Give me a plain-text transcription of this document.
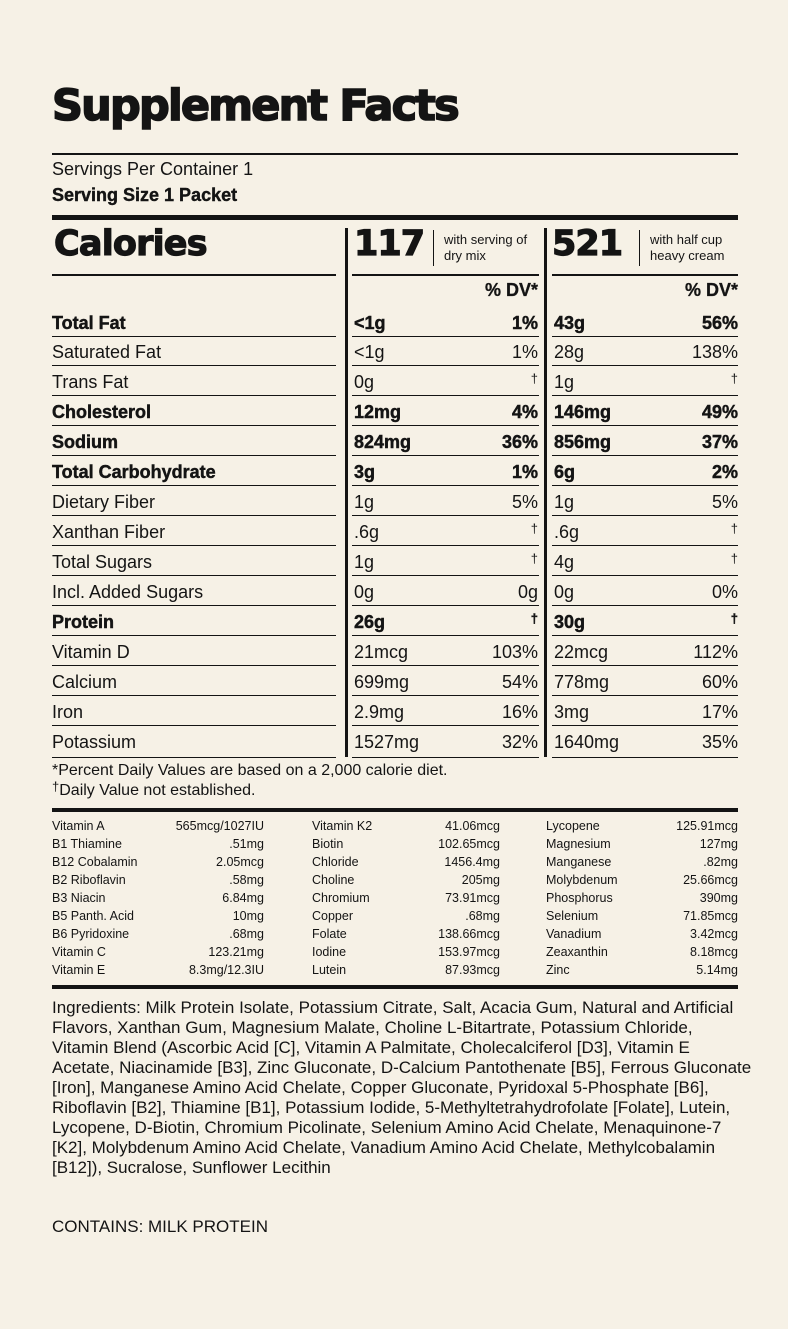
Supplement Facts
Servings Per Container 1
Serving Size 1 Packet
Calories	117 with serving of dry mix	521 with half cup heavy cream
% DV*	% DV*
Total Fat	<1g	1% 43g	56%
Saturated Fat	<1g	1% 28g	138%
Trans Fat	0g	† 1g	†
Cholesterol	12mg	4% 146mg	49%
Sodium	824mg	36% 856mg	37%
Total Carbohydrate	3g	1% 6g	2%
Dietary Fiber	1g	5% 1g	5%
Xanthan Fiber	.6g	† .6g	†
Total Sugars	1g	† 4g	†
Incl. Added Sugars	0g	0g 0g	0%
Protein	26g	† 30g	†
Vitamin D	21mcg	103% 22mcg	112%
Calcium	699mg	54% 778mg	60%
Iron	2.9mg	16% 3mg	17%
Potassium	1527mg	32% 1640mg	35%
*Percent Daily Values are based on a 2,000 calorie diet.
†Daily Value not established.
Vitamin A	565mcg/1027IU
B1 Thiamine	.51mg
B12 Cobalamin	2.05mcg
B2 Riboflavin	.58mg
B3 Niacin	6.84mg
B5 Panth. Acid	10mg
B6 Pyridoxine	.68mg
Vitamin C	123.21mg
Vitamin E	8.3mg/12.3IU
Vitamin K2	41.06mcg
Biotin	102.65mcg
Chloride	1456.4mg
Choline	205mg
Chromium	73.91mcg
Copper	.68mg
Folate	138.66mcg
Iodine	153.97mcg
Lutein	87.93mcg
Lycopene	125.91mcg
Magnesium	127mg
Manganese	.82mg
Molybdenum	25.66mcg
Phosphorus	390mg
Selenium	71.85mcg
Vanadium	3.42mcg
Zeaxanthin	8.18mcg
Zinc	5.14mg
Ingredients: Milk Protein Isolate, Potassium Citrate, Salt, Acacia Gum, Natural and Artificial Flavors, Xanthan Gum, Magnesium Malate, Choline L-Bitartrate, Potassium Chloride, Vitamin Blend (Ascorbic Acid [C], Vitamin A Palmitate, Cholecalciferol [D3], Vitamin E Acetate, Niacinamide [B3], Zinc Gluconate, D-Calcium Pantothenate [B5], Ferrous Gluconate [Iron], Manganese Amino Acid Chelate, Copper Gluconate, Pyridoxal 5-Phosphate [B6], Riboflavin [B2], Thiamine [B1], Potassium Iodide, 5-Methyltetrahydrofolate [Folate], Lutein, Lycopene, D-Biotin, Chromium Picolinate, Selenium Amino Acid Chelate, Menaquinone-7 [K2], Molybdenum Amino Acid Chelate, Vanadium Amino Acid Chelate, Methylcobalamin [B12]), Sucralose, Sunflower Lecithin
CONTAINS: MILK PROTEIN
